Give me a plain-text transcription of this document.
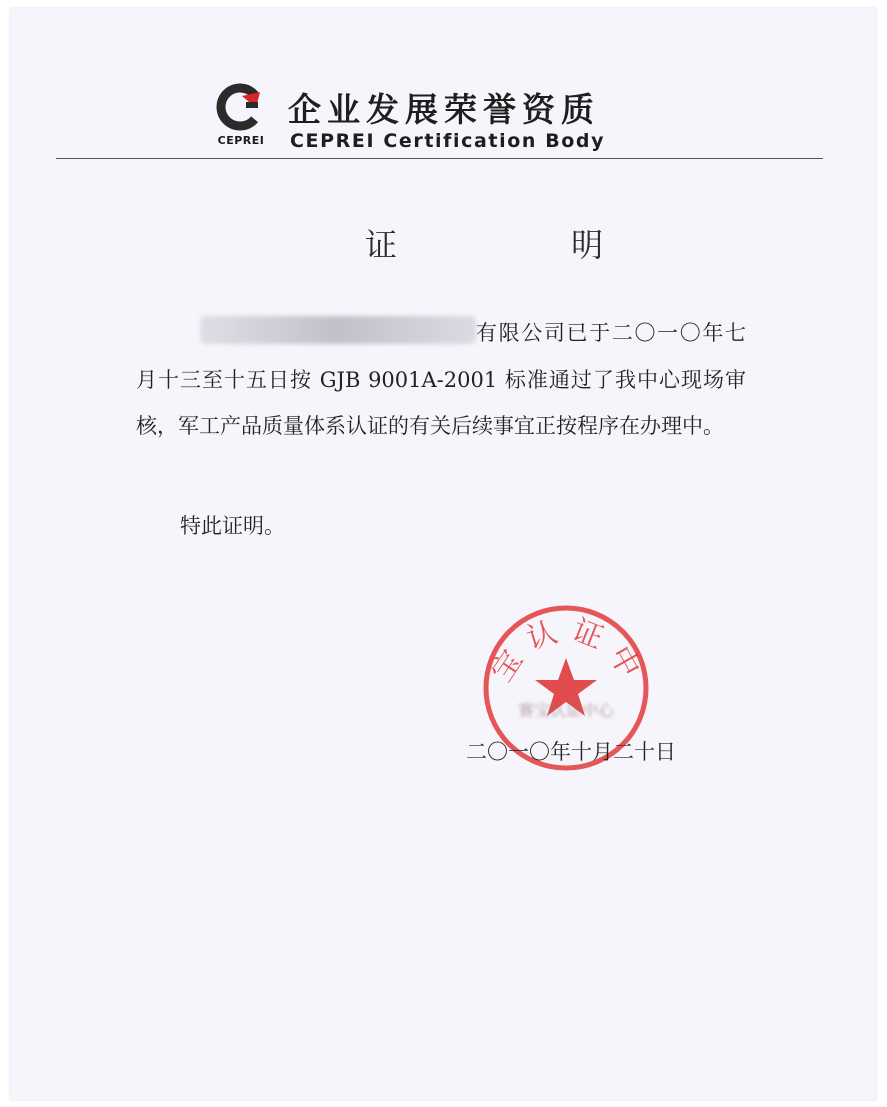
CEPREI
企业发展荣誉资质
CEPREI Certification Body
证 明
有限公司已于二〇一〇年七月十三至十五日按 GJB 9001A-2001 标准通过了我中心现场审核，军工产品质量体系认证的有关后续事宜正按程序在办理中。
特此证明。
宝认证中
赛宝认证中心
二〇一〇年十月二十日
